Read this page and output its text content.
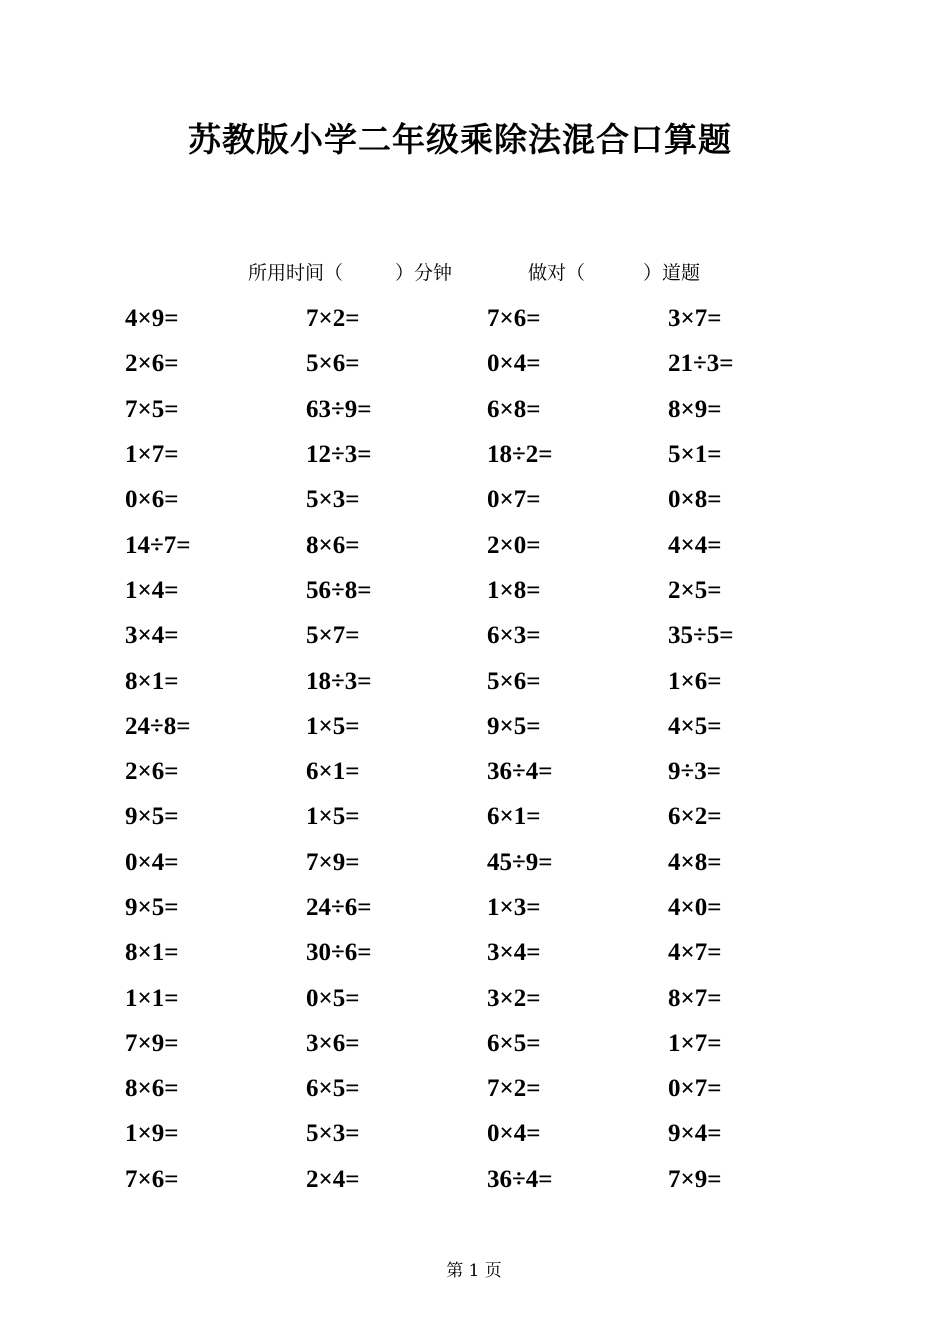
苏教版小学二年级乘除法混合口算题
所用时间（	）分钟	做对（	）道题
4×9=	7×2=	7×6=	3×7=
2×6=	5×6=	0×4=	21÷3=
7×5=	63÷9=	6×8=	8×9=
1×7=	12÷3=	18÷2=	5×1=
0×6=	5×3=	0×7=	0×8=
14÷7=	8×6=	2×0=	4×4=
1×4=	56÷8=	1×8=	2×5=
3×4=	5×7=	6×3=	35÷5=
8×1=	18÷3=	5×6=	1×6=
24÷8=	1×5=	9×5=	4×5=
2×6=	6×1=	36÷4=	9÷3=
9×5=	1×5=	6×1=	6×2=
0×4=	7×9=	45÷9=	4×8=
9×5=	24÷6=	1×3=	4×0=
8×1=	30÷6=	3×4=	4×7=
1×1=	0×5=	3×2=	8×7=
7×9=	3×6=	6×5=	1×7=
8×6=	6×5=	7×2=	0×7=
1×9=	5×3=	0×4=	9×4=
7×6=	2×4=	36÷4=	7×9=
第 1 页
